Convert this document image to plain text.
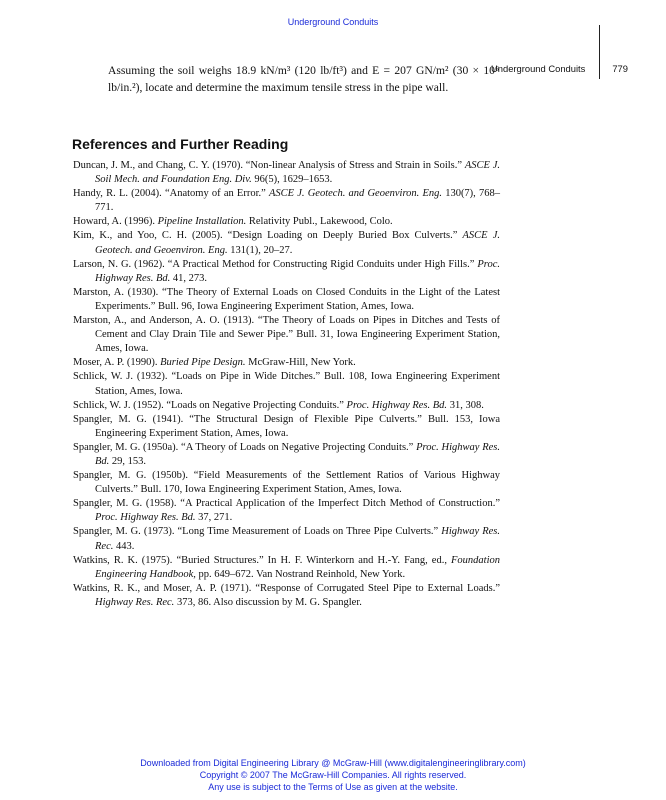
Underground Conduits
Underground Conduits	779
Assuming the soil weighs 18.9 kN/m³ (120 lb/ft³) and E = 207 GN/m² (30 × 10⁶ lb/in.²), locate and determine the maximum tensile stress in the pipe wall.
References and Further Reading
Duncan, J. M., and Chang, C. Y. (1970). “Non-linear Analysis of Stress and Strain in Soils.” ASCE J. Soil Mech. and Foundation Eng. Div. 96(5), 1629–1653.
Handy, R. L. (2004). “Anatomy of an Error.” ASCE J. Geotech. and Geoenviron. Eng. 130(7), 768–771.
Howard, A. (1996). Pipeline Installation. Relativity Publ., Lakewood, Colo.
Kim, K., and Yoo, C. H. (2005). “Design Loading on Deeply Buried Box Culverts.” ASCE J. Geotech. and Geoenviron. Eng. 131(1), 20–27.
Larson, N. G. (1962). “A Practical Method for Constructing Rigid Conduits under High Fills.” Proc. Highway Res. Bd. 41, 273.
Marston, A. (1930). “The Theory of External Loads on Closed Conduits in the Light of the Latest Experiments.” Bull. 96, Iowa Engineering Experiment Station, Ames, Iowa.
Marston, A., and Anderson, A. O. (1913). “The Theory of Loads on Pipes in Ditches and Tests of Cement and Clay Drain Tile and Sewer Pipe.” Bull. 31, Iowa Engineering Experiment Station, Ames, Iowa.
Moser, A. P. (1990). Buried Pipe Design. McGraw-Hill, New York.
Schlick, W. J. (1932). “Loads on Pipe in Wide Ditches.” Bull. 108, Iowa Engineering Experiment Station, Ames, Iowa.
Schlick, W. J. (1952). “Loads on Negative Projecting Conduits.” Proc. Highway Res. Bd. 31, 308.
Spangler, M. G. (1941). “The Structural Design of Flexible Pipe Culverts.” Bull. 153, Iowa Engineering Experiment Station, Ames, Iowa.
Spangler, M. G. (1950a). “A Theory of Loads on Negative Projecting Conduits.” Proc. Highway Res. Bd. 29, 153.
Spangler, M. G. (1950b). “Field Measurements of the Settlement Ratios of Various Highway Culverts.” Bull. 170, Iowa Engineering Experiment Station, Ames, Iowa.
Spangler, M. G. (1958). “A Practical Application of the Imperfect Ditch Method of Construction.” Proc. Highway Res. Bd. 37, 271.
Spangler, M. G. (1973). “Long Time Measurement of Loads on Three Pipe Culverts.” Highway Res. Rec. 443.
Watkins, R. K. (1975). “Buried Structures.” In H. F. Winterkorn and H.-Y. Fang, ed., Foundation Engineering Handbook, pp. 649–672. Van Nostrand Reinhold, New York.
Watkins, R. K., and Moser, A. P. (1971). “Response of Corrugated Steel Pipe to External Loads.” Highway Res. Rec. 373, 86. Also discussion by M. G. Spangler.
Downloaded from Digital Engineering Library @ McGraw-Hill (www.digitalengineeringlibrary.com)
Copyright © 2007 The McGraw-Hill Companies. All rights reserved.
Any use is subject to the Terms of Use as given at the website.
